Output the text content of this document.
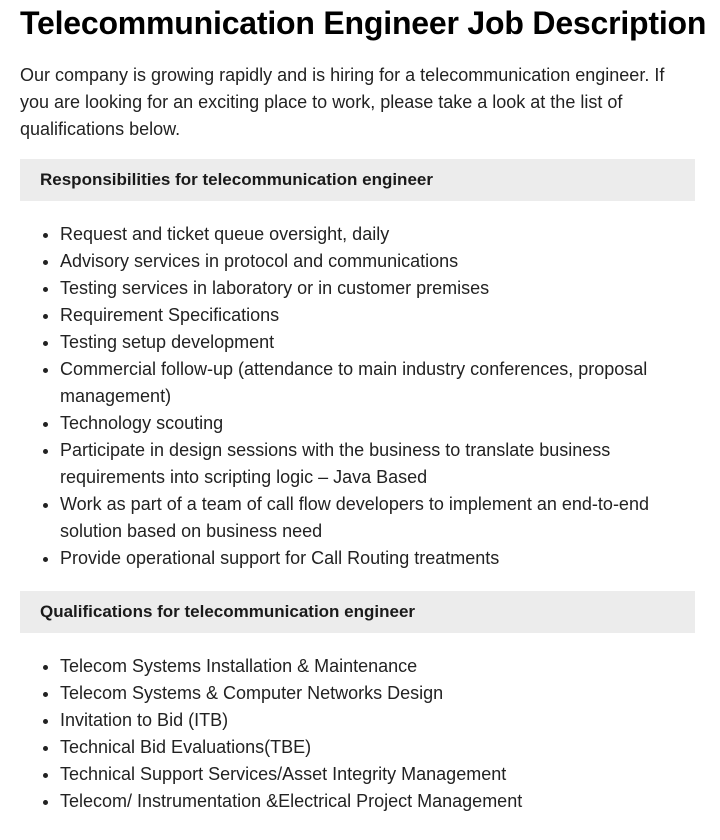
Telecommunication Engineer Job Description

Our company is growing rapidly and is hiring for a telecommunication engineer. If you are looking for an exciting place to work, please take a look at the list of qualifications below.

Responsibilities for telecommunication engineer
• Request and ticket queue oversight, daily
• Advisory services in protocol and communications
• Testing services in laboratory or in customer premises
• Requirement Specifications
• Testing setup development
• Commercial follow-up (attendance to main industry conferences, proposal management)
• Technology scouting
• Participate in design sessions with the business to translate business requirements into scripting logic – Java Based
• Work as part of a team of call flow developers to implement an end-to-end solution based on business need
• Provide operational support for Call Routing treatments
Qualifications for telecommunication engineer
• Telecom Systems Installation & Maintenance
• Telecom Systems & Computer Networks Design
• Invitation to Bid (ITB)
• Technical Bid Evaluations(TBE)
• Technical Support Services/Asset Integrity Management
• Telecom/ Instrumentation &Electrical Project Management
